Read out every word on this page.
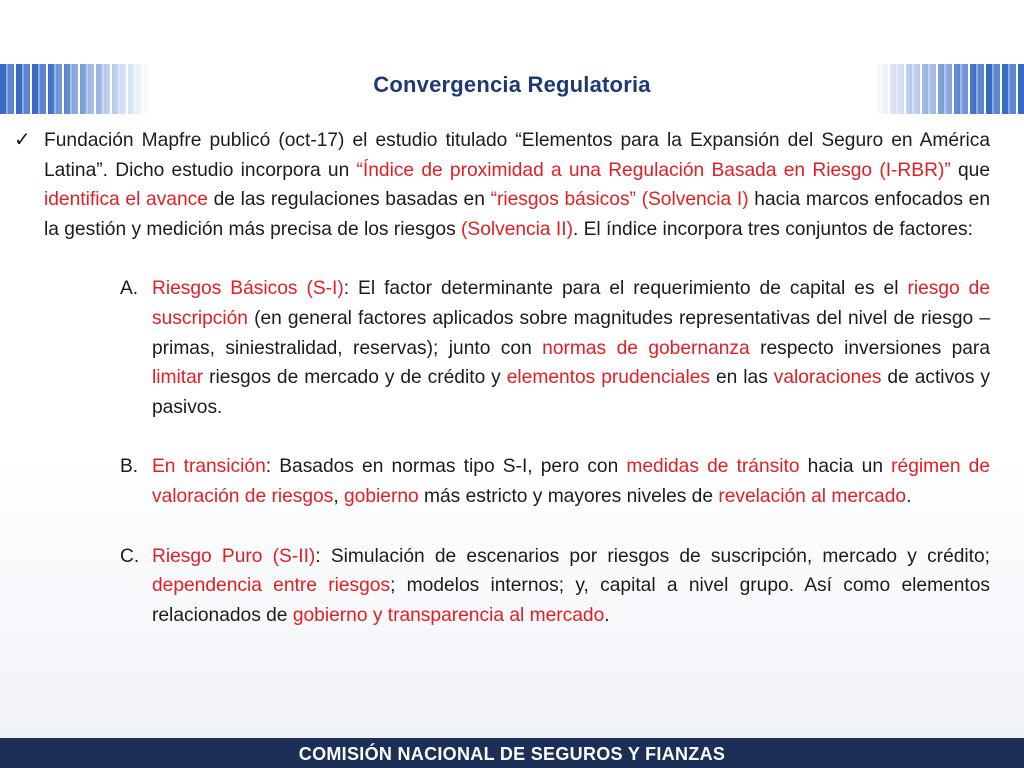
Convergencia Regulatoria
✓ Fundación Mapfre publicó (oct-17) el estudio titulado “Elementos para la Expansión del Seguro en América Latina”. Dicho estudio incorpora un “Índice de proximidad a una Regulación Basada en Riesgo (I-RBR)” que identifica el avance de las regulaciones basadas en “riesgos básicos” (Solvencia I) hacia marcos enfocados en la gestión y medición más precisa de los riesgos (Solvencia II). El índice incorpora tres conjuntos de factores:
A. Riesgos Básicos (S-I): El factor determinante para el requerimiento de capital es el riesgo de suscripción (en general factores aplicados sobre magnitudes representativas del nivel de riesgo –primas, siniestralidad, reservas); junto con normas de gobernanza respecto inversiones para limitar riesgos de mercado y de crédito y elementos prudenciales en las valoraciones de activos y pasivos.
B. En transición: Basados en normas tipo S-I, pero con medidas de tránsito hacia un régimen de valoración de riesgos, gobierno más estricto y mayores niveles de revelación al mercado.
C. Riesgo Puro (S-II): Simulación de escenarios por riesgos de suscripción, mercado y crédito; dependencia entre riesgos; modelos internos; y, capital a nivel grupo. Así como elementos relacionados de gobierno y transparencia al mercado.
COMISIÓN NACIONAL DE SEGUROS Y FIANZAS
